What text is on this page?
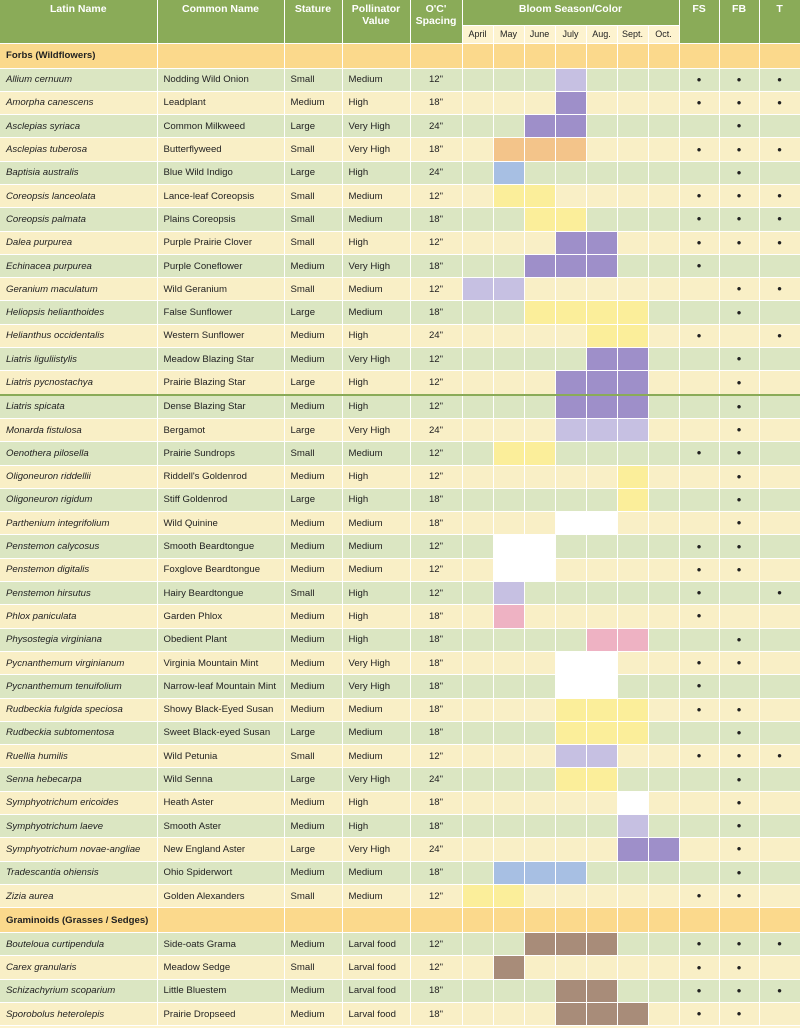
Latin Name	Common Name	Stature	Pollinator Value	O'C' Spacing	Bloom Season/Color							FS	FB	T
					April	May	June	July	Aug.	Sept.	Oct.			
Forbs (Wildflowers)														
Allium cernuum	Nodding Wild Onion	Small	Medium	12"								•	•	•
Amorpha canescens	Leadplant	Medium	High	18"								•	•	•
Asclepias syriaca	Common Milkweed	Large	Very High	24"									•	
Asclepias tuberosa	Butterflyweed	Small	Very High	18"								•	•	•
Baptisia australis	Blue Wild Indigo	Large	High	24"									•	
Coreopsis lanceolata	Lance-leaf Coreopsis	Small	Medium	12"								•	•	•
Coreopsis palmata	Plains Coreopsis	Small	Medium	18"								•	•	•
Dalea purpurea	Purple Prairie Clover	Small	High	12"								•	•	•
Echinacea purpurea	Purple Coneflower	Medium	Very High	18"								•		
Geranium maculatum	Wild Geranium	Small	Medium	12"									•	•
Heliopsis helianthoides	False Sunflower	Large	Medium	18"									•	
Helianthus occidentalis	Western Sunflower	Medium	High	24"								•		•
Liatris liguliistylis	Meadow Blazing Star	Medium	Very High	12"									•	
Liatris pycnostachya	Prairie Blazing Star	Large	High	12"									•	
Liatris spicata	Dense Blazing Star	Medium	High	12"									•	
Monarda fistulosa	Bergamot	Large	Very High	24"									•	
Oenothera pilosella	Prairie Sundrops	Small	Medium	12"								•	•	
Oligoneuron riddellii	Riddell's Goldenrod	Medium	High	12"									•	
Oligoneuron rigidum	Stiff Goldenrod	Large	High	18"									•	
Parthenium integrifolium	Wild Quinine	Medium	Medium	18"									•	
Penstemon calycosus	Smooth Beardtongue	Medium	Medium	12"								•	•	
Penstemon digitalis	Foxglove Beardtongue	Medium	Medium	12"								•	•	
Penstemon hirsutus	Hairy Beardtongue	Small	High	12"								•		•
Phlox paniculata	Garden Phlox	Medium	High	18"								•		
Physostegia virginiana	Obedient Plant	Medium	High	18"									•	
Pycnanthemum virginianum	Virginia Mountain Mint	Medium	Very High	18"								•	•	
Pycnanthemum tenuifolium	Narrow-leaf Mountain Mint	Medium	Very High	18"								•		
Rudbeckia fulgida speciosa	Showy Black-Eyed Susan	Medium	Medium	18"								•	•	
Rudbeckia subtomentosa	Sweet Black-eyed Susan	Large	Medium	18"									•	
Ruellia humilis	Wild Petunia	Small	Medium	12"								•	•	•
Senna hebecarpa	Wild Senna	Large	Very High	24"									•	
Symphyotrichum ericoides	Heath Aster	Medium	High	18"									•	
Symphyotrichum laeve	Smooth Aster	Medium	High	18"									•	
Symphyotrichum novae-angliae	New England Aster	Large	Very High	24"									•	
Tradescantia ohiensis	Ohio Spiderwort	Medium	Medium	18"									•	
Zizia aurea	Golden Alexanders	Small	Medium	12"								•	•	
Graminoids (Grasses / Sedges)														
Bouteloua curtipendula	Side-oats Grama	Medium	Larval food	12"								•	•	•
Carex granularis	Meadow Sedge	Small	Larval food	12"								•	•	
Schizachyrium scoparium	Little Bluestem	Medium	Larval food	18"								•	•	•
Sporobolus heterolepis	Prairie Dropseed	Medium	Larval food	18"								•	•	
